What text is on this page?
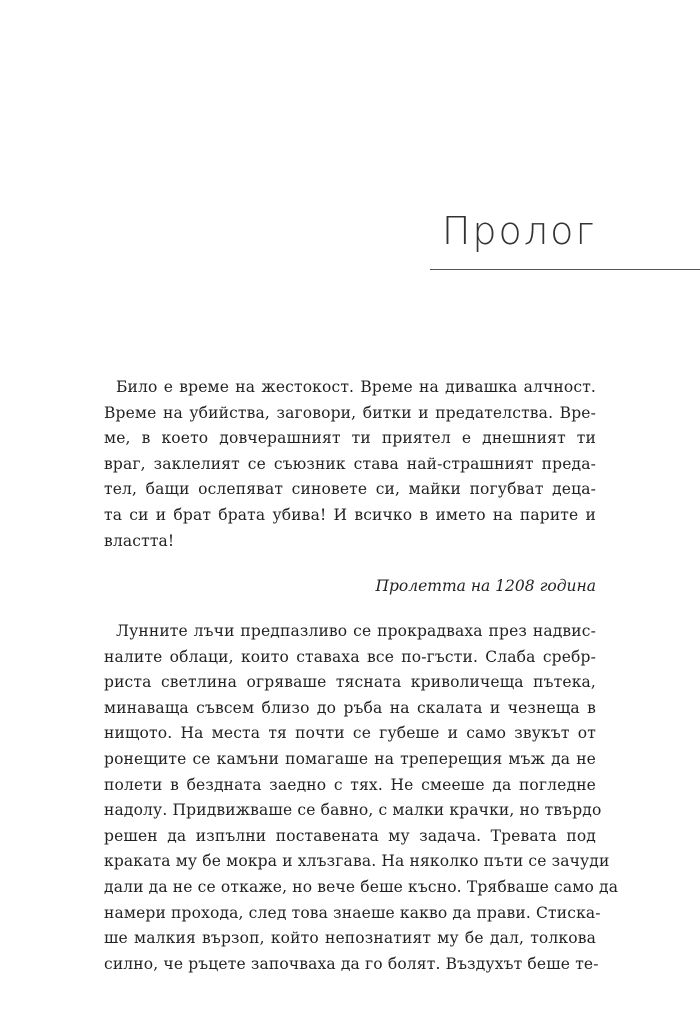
Пролог
Било е време на жестокост. Време на дивашка алчност.
Време на убийства, заговори, битки и предателства. Вре-
ме, в което довчерашният ти приятел е днешният ти
враг, заклелият се съюзник става най-страшният преда-
тел, бащи ослепяват синовете си, майки погубват деца-
та си и брат брата убива! И всичко в името на парите и
властта!

Пролетта на 1208 година

Лунните лъчи предпазливо се прокрадваха през надвис-
налите облаци, които ставаха все по-гъсти. Слаба сребр-
риста светлина огряваше тясната криволичеща пътека,
минаваща съвсем близо до ръба на скалата и чезнеща в
нищото. На места тя почти се губеше и само звукът от
ронещите се камъни помагаше на треперещия мъж да не
полети в бездната заедно с тях. Не смееше да погледне
надолу. Придвижваше се бавно, с малки крачки, но твърдо
решен да изпълни поставената му задача. Тревата под
краката му бе мокра и хлъзгава. На няколко пъти се зачуди
дали да не се откаже, но вече беше късно. Трябваше само да
намери прохода, след това знаеше какво да прави. Стиска-
ше малкия вързоп, който непознатият му бе дал, толкова
силно, че ръцете започваха да го болят. Въздухът беше те-
